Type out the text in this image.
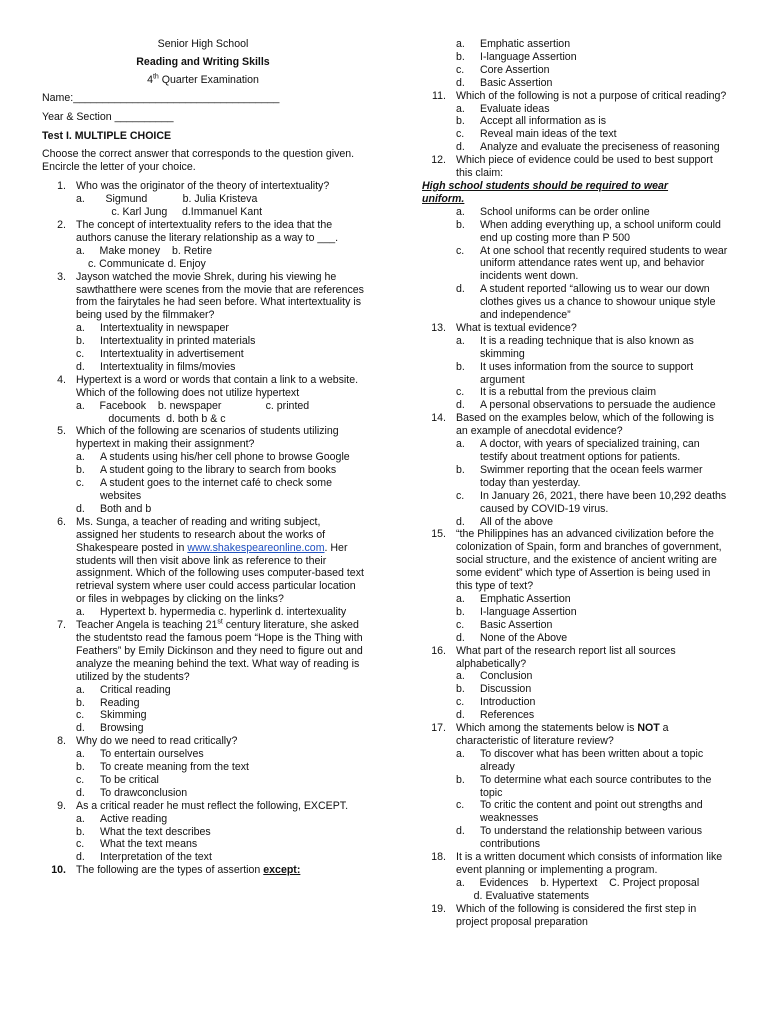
Senior High School
Reading and Writing Skills
4th Quarter Examination
Name:___________________________________
Year & Section __________
Test I. MULTIPLE CHOICE
Choose the correct answer that corresponds to the question given. Encircle the letter of your choice.
1. Who was the originator of the theory of intertextuality?
a.       Sigmund            b. Julia Kristeva
c. Karl Jung     d.Immanuel Kant
2. The concept of intertextuality refers to the idea that the authors canuse the literary relationship as a way to ___.
a.     Make money    b. Retire
c. Communicate d. Enjoy
3. Jayson watched the movie Shrek, during his viewing he sawthatthere were scenes from the movie that are references from the fairytales he had seen before. What intertextuality is being used by the filmmaker?
a.	Intertextuality in newspaper
b.	Intertextuality in printed materials
c.	Intertextuality in advertisement
d.	Intertextuality in films/movies
4. Hypertext is a word or words that contain a link to a website. Which of the following does not utilize hypertext
a.     Facebook    b. newspaper               c. printed
documents  d. both b & c
5. Which of the following are scenarios of students utilizing hypertext in making their assignment?
a.	A students using his/her cell phone to browse Google
b.	A student going to the library to search from books
c.	A student goes to the internet café to check some websites
d.	Both and b
6. Ms. Sunga, a teacher of reading and writing subject, assigned her students to research about the works of Shakespeare posted in www.shakespeareonline.com. Her students will then visit above link as reference to their assignment. Which of the following uses computer-based text retrieval system where user could access particular location or files in webpages by clicking on the links?
a.	Hypertext b. hypermedia c. hyperlink d. intertexuality
7. Teacher Angela is teaching 21st century literature, she asked the studentsto read the famous poem “Hope is the Thing with Feathers” by Emily Dickinson and they need to figure out and analyze the meaning behind the text. What way of reading is utilized by the students?
a.	Critical reading
b.	Reading
c.	Skimming
d.	Browsing
8. Why do we need to read critically?
a.	To entertain ourselves
b.	To create meaning from the text
c.	To be critical
d.	To drawconclusion
9. As a critical reader he must reflect the following, EXCEPT.
a.	Active reading
b.	What the text describes
c.	What the text means
d.	Interpretation of the text
10. The following are the types of assertion except:
a.	Emphatic assertion
b.	I-language Assertion
c.	Core Assertion
d.	Basic Assertion
11. Which of the following is not a purpose of critical reading?
a.	Evaluate ideas
b.	Accept all information as is
c.	Reveal main ideas of the text
d.	Analyze and evaluate the preciseness of reasoning
12. Which piece of evidence could be used to best support this claim:
High school students should be required to wear uniform.
a.	School uniforms can be order online
b.	When adding everything up, a school uniform could end up costing more than P 500
c.	At one school that recently required students to wear uniform attendance rates went up, and behavior incidents went down.
d.	A student reported “allowing us to wear our down clothes gives us a chance to showour unique style and independence”
13. What is textual evidence?
a.	It is a reading technique that is also known as skimming
b.	It uses information from the source to support argument
c.	It is a rebuttal from the previous claim
d.	A personal observations to persuade the audience
14. Based on the examples below, which of the following is an example of anecdotal evidence?
a.	A doctor, with years of specialized training, can testify about treatment options for patients.
b.	Swimmer reporting that the ocean feels warmer today than yesterday.
c.	In January 26, 2021, there have been 10,292 deaths caused by COVID-19 virus.
d.	All of the above
15. “the Philippines has an advanced civilization before the colonization of Spain, form and branches of government, social structure, and the existence of ancient writing are some evident” which type of Assertion is being used in this type of text?
a.	Emphatic Assertion
b.	I-language Assertion
c.	Basic Assertion
d.	None of the Above
16. What part of the research report list all sources alphabetically?
a.	Conclusion
b.	Discussion
c.	Introduction
d.	References
17. Which among the statements below is NOT a characteristic of literature review?
a.	To discover what has been written about a topic already
b.	To determine what each source contributes to the topic
c.	To critic the content and point out strengths and weaknesses
d.	To understand the relationship between various contributions
18. It is a written document which consists of information like event planning or implementing a program.
a.     Evidences    b. Hypertext    C. Project proposal
d. Evaluative statements
19. Which of the following is considered the first step in project proposal preparation
